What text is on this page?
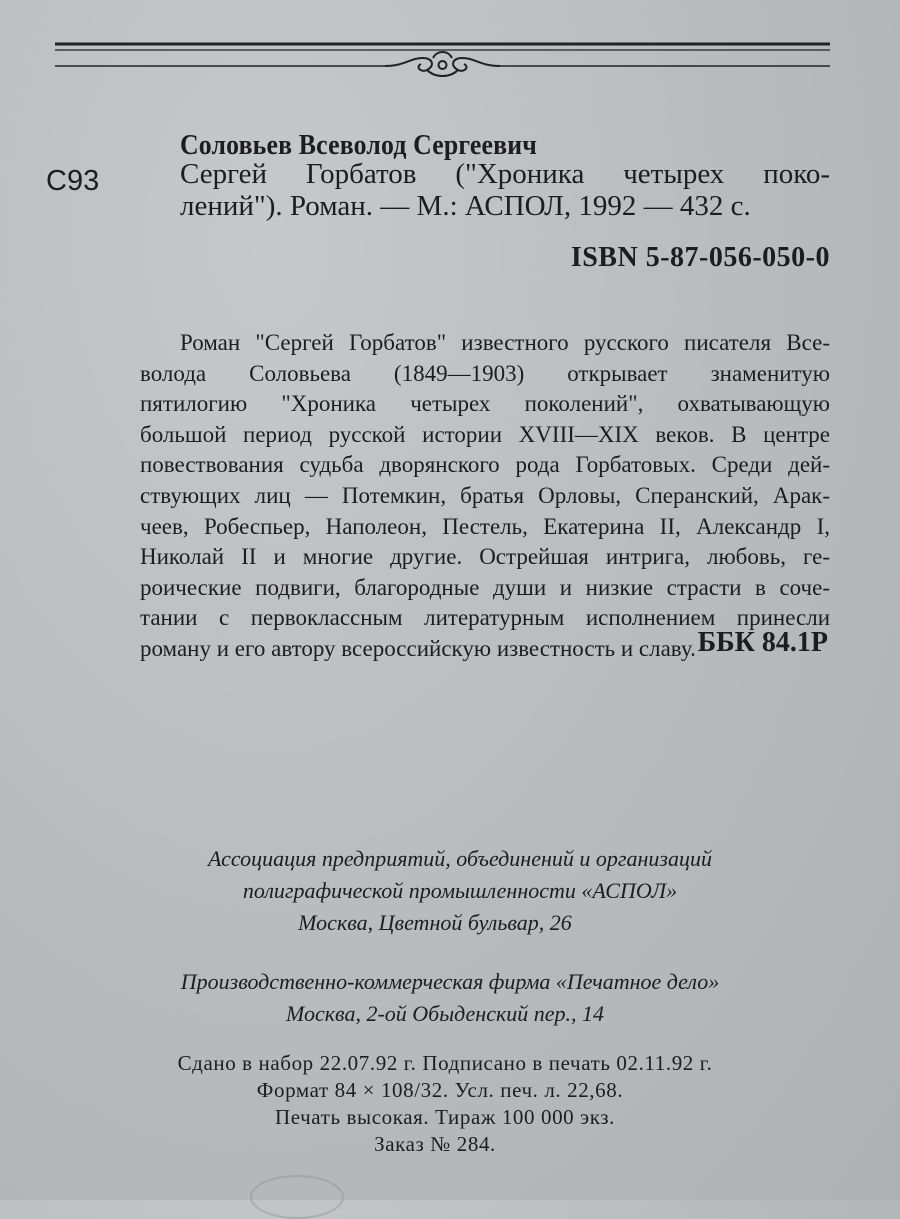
Соловьев Всеволод Сергеевич
С93	Сергей Горбатов ("Хроника четырех поко-
лений"). Роман. — М.: АСПОЛ, 1992 — 432 с.
ISBN 5-87-056-050-0
Роман "Сергей Горбатов" известного русского писателя Все-
волода Соловьева (1849—1903) открывает знаменитую
пятилогию "Хроника четырех поколений", охватывающую
большой период русской истории XVIII—XIX веков. В центре
повествования судьба дворянского рода Горбатовых. Среди дей-
ствующих лиц — Потемкин, братья Орловы, Сперанский, Арак-
чеев, Робеспьер, Наполеон, Пестель, Екатерина II, Александр I,
Николай II и многие другие. Острейшая интрига, любовь, ге-
роические подвиги, благородные души и низкие страсти в соче-
тании с первоклассным литературным исполнением принесли
роману и его автору всероссийскую известность и славу. ББК 84.1Р
Ассоциация предприятий, объединений и организаций
полиграфической промышленности «АСПОЛ»
Москва, Цветной бульвар, 26
Производственно-коммерческая фирма «Печатное дело»
Москва, 2-ой Обыденский пер., 14
Сдано в набор 22.07.92 г. Подписано в печать 02.11.92 г.
Формат 84 × 108/32. Усл. печ. л. 22,68.
Печать высокая. Тираж 100 000 экз.
Заказ № 284.
